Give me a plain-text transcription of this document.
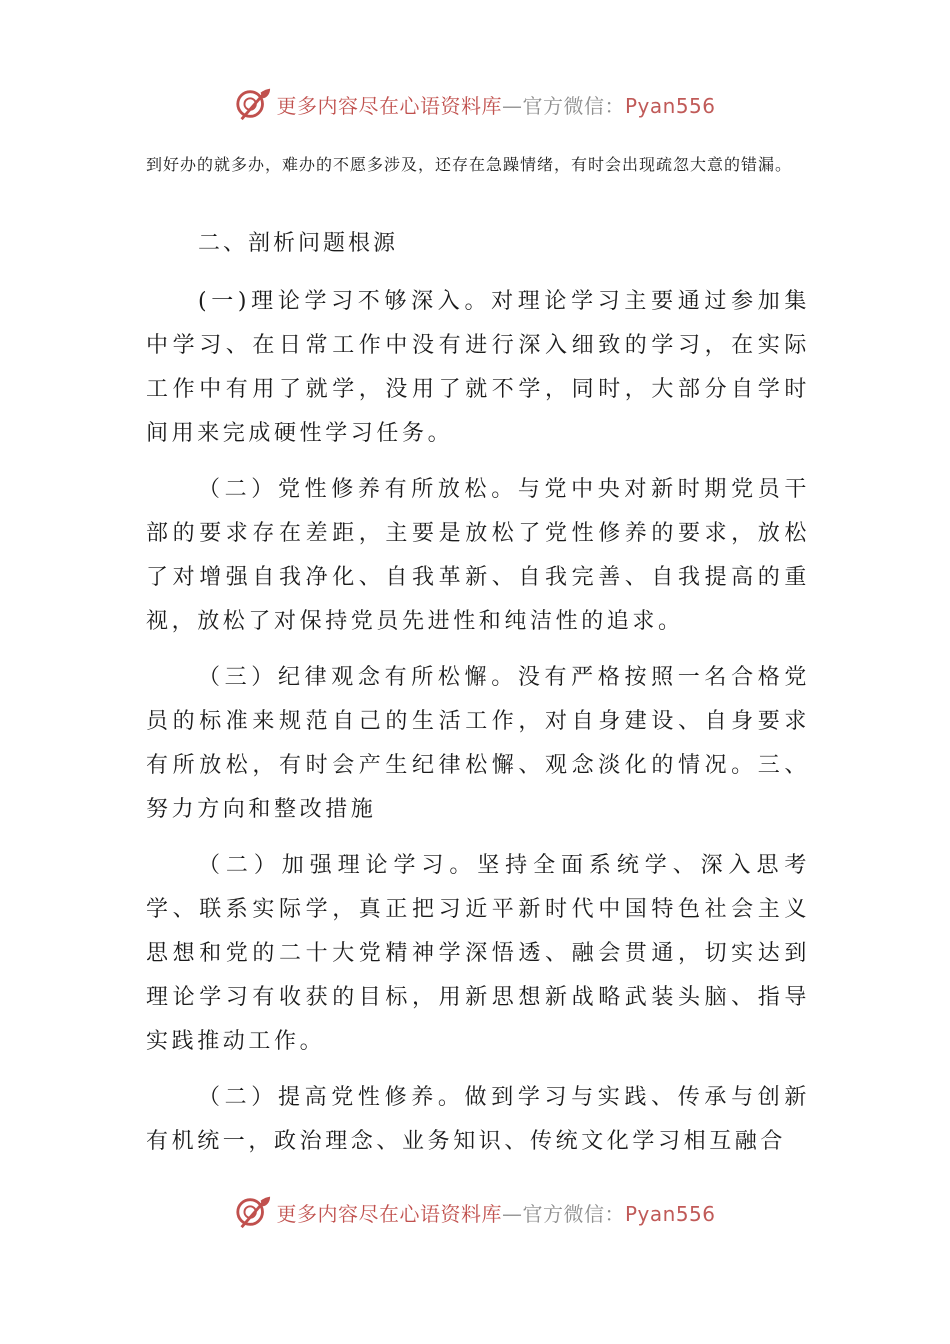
更多内容尽在心语资料库—官方微信：Pyan556

到好办的就多办，难办的不愿多涉及，还存在急躁情绪，有时会出现疏忽大意的错漏。

二、剖析问题根源

(一)理论学习不够深入。对理论学习主要通过参加集中学习、在日常工作中没有进行深入细致的学习，在实际工作中有用了就学，没用了就不学，同时，大部分自学时间用来完成硬性学习任务。

（二）党性修养有所放松。与党中央对新时期党员干部的要求存在差距，主要是放松了党性修养的要求，放松了对增强自我净化、自我革新、自我完善、自我提高的重视，放松了对保持党员先进性和纯洁性的追求。

（三）纪律观念有所松懈。没有严格按照一名合格党员的标准来规范自己的生活工作，对自身建设、自身要求有所放松，有时会产生纪律松懈、观念淡化的情况。三、努力方向和整改措施

（二）加强理论学习。坚持全面系统学、深入思考学、联系实际学，真正把习近平新时代中国特色社会主义思想和党的二十大党精神学深悟透、融会贯通，切实达到理论学习有收获的目标，用新思想新战略武装头脑、指导实践推动工作。

（二）提高党性修养。做到学习与实践、传承与创新有机统一，政治理念、业务知识、传统文化学习相互融合

更多内容尽在心语资料库—官方微信：Pyan556
